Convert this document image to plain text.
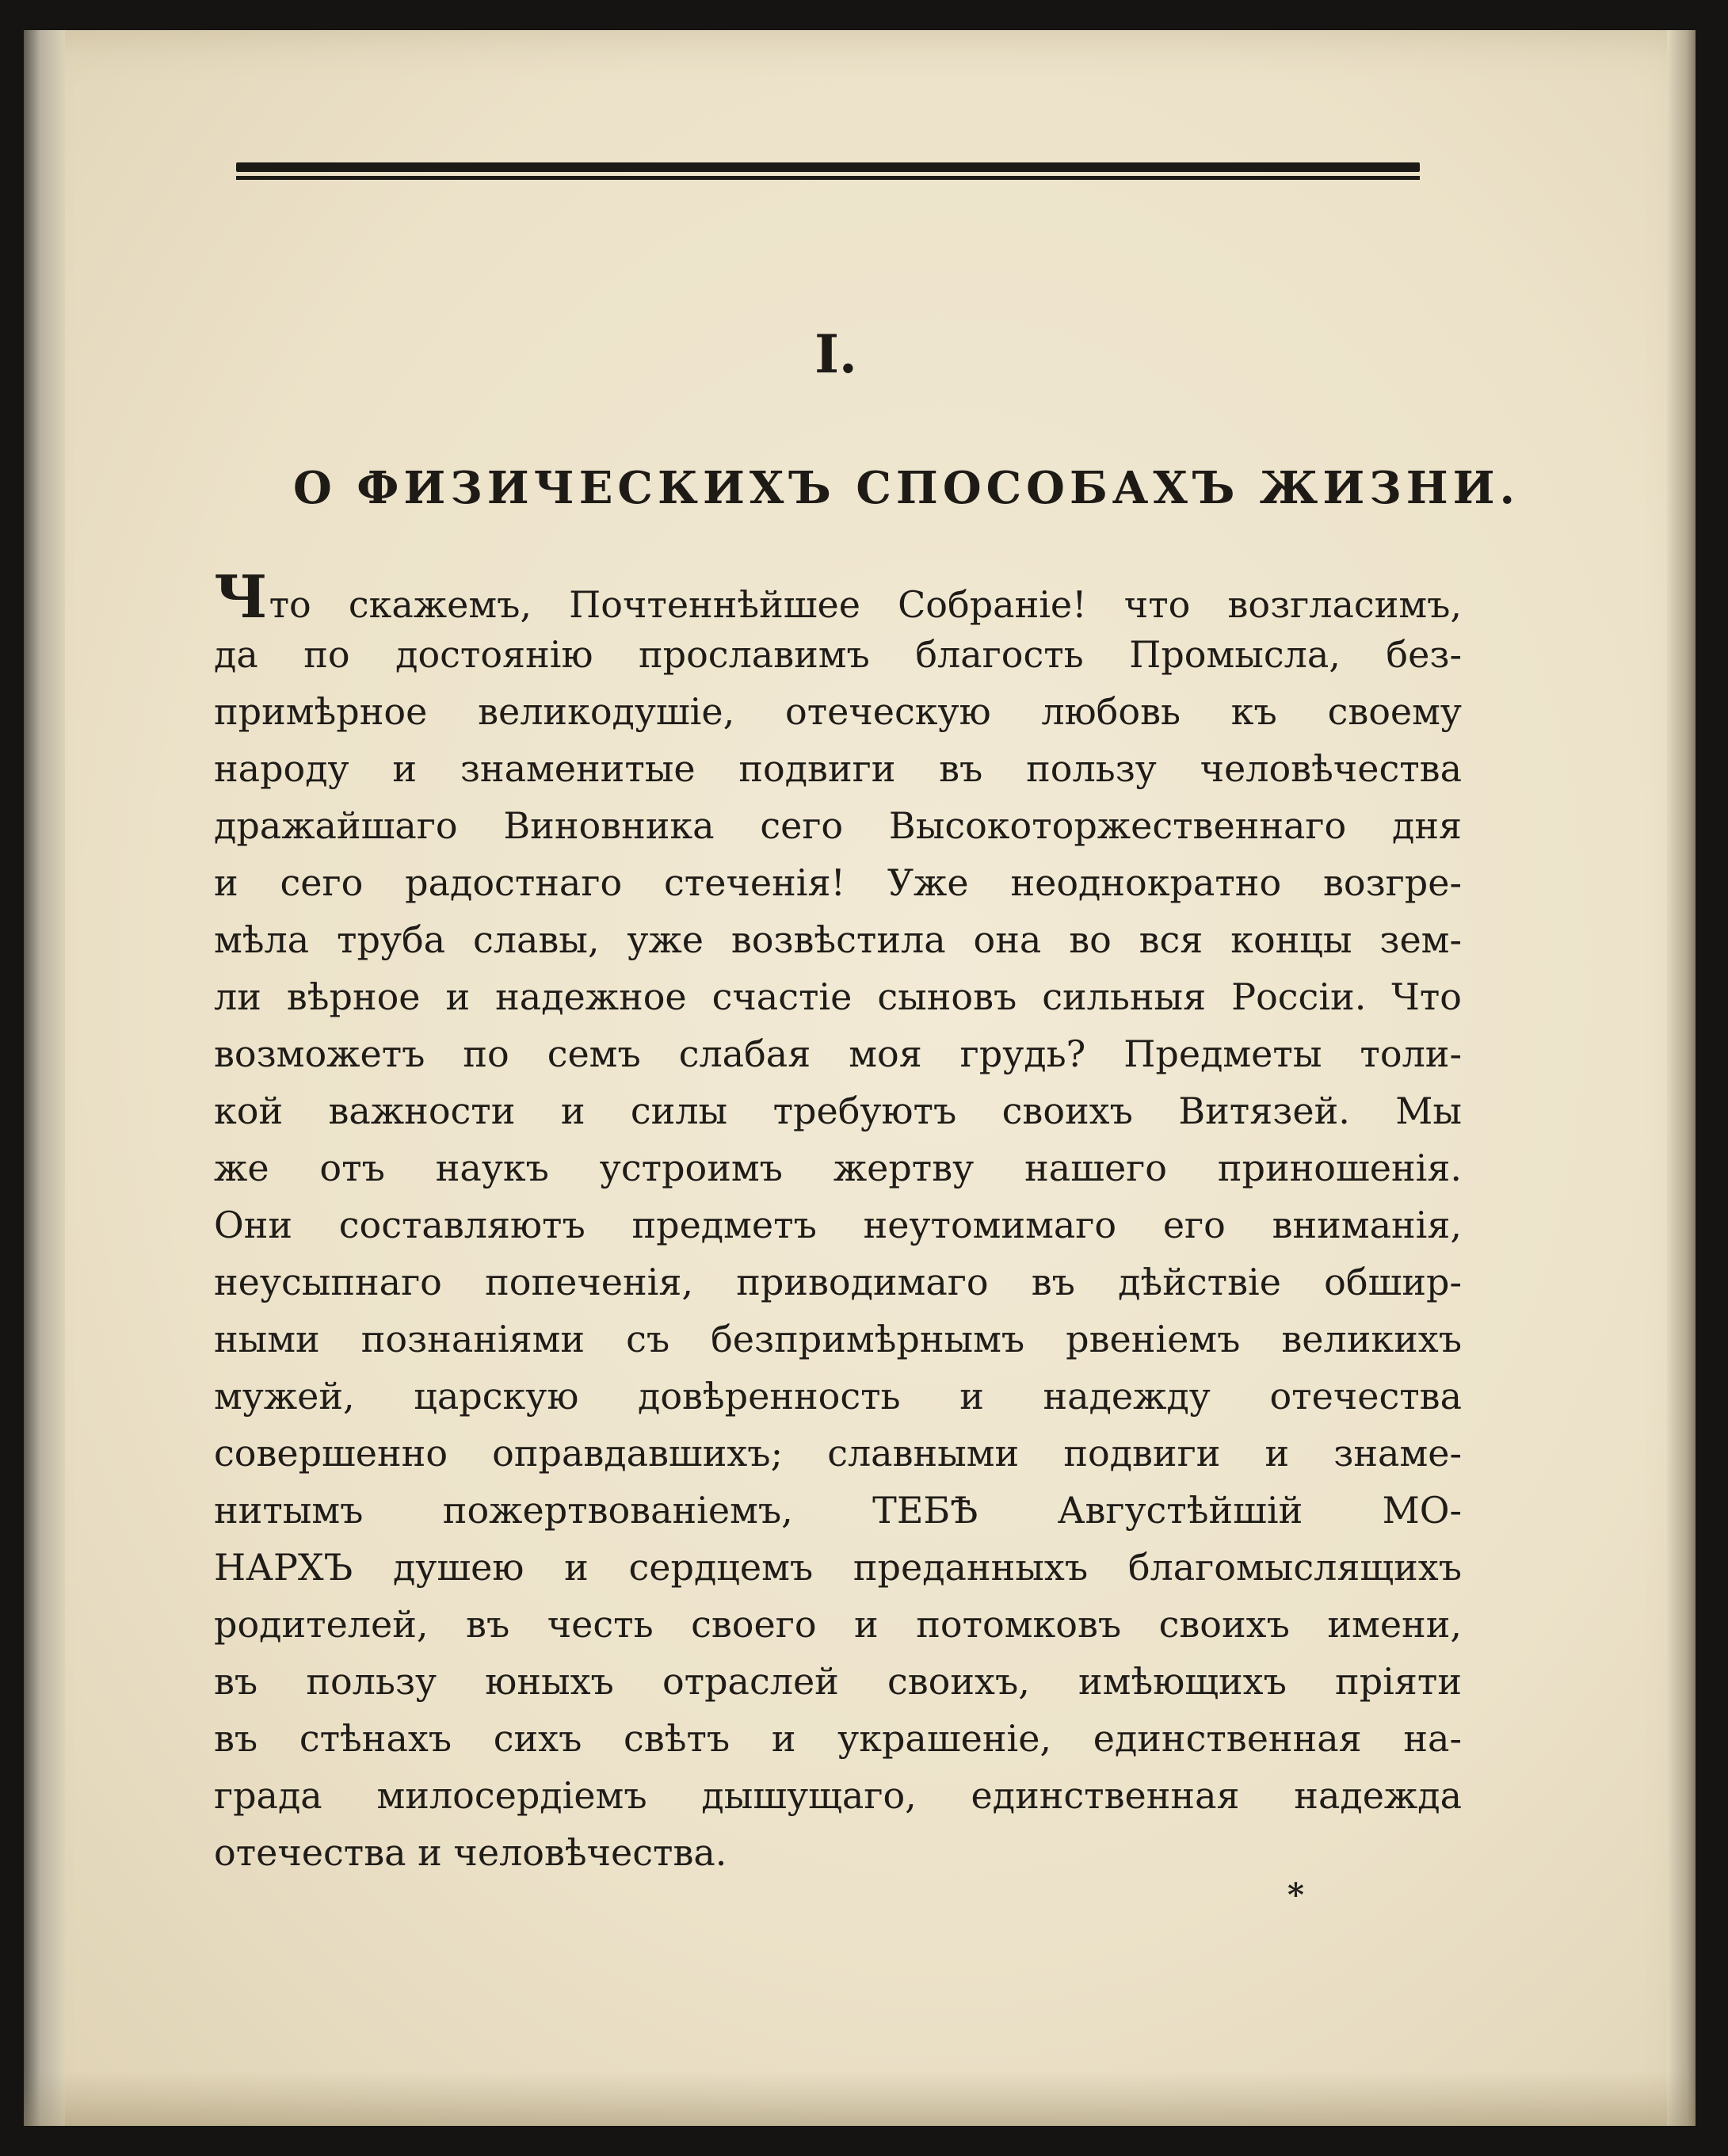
I.
О ФИЗИЧЕСКИХЪ СПОСОБАХЪ ЖИЗНИ.
Что скажемъ, Почтеннѣйшее Собраніе! что возгласимъ,
да по достоянію прославимъ благость Промысла, без-
примѣрное великодушіе, отеческую любовь къ своему
народу и знаменитые подвиги въ пользу человѣчества
дражайшаго Виновника сего Высокоторжественнаго дня
и сего радостнаго стеченія! Уже неоднократно возгре-
мѣла труба славы, уже возвѣстила она во вся концы зем-
ли вѣрное и надежное счастіе сыновъ сильныя Россіи. Что
возможетъ по семъ слабая моя грудь? Предметы толи-
кой важности и силы требуютъ своихъ Витязей. Мы
же отъ наукъ устроимъ жертву нашего приношенія.
Они составляютъ предметъ неутомимаго его вниманія,
неусыпнаго попеченія, приводимаго въ дѣйствіе обшир-
ными познаніями съ безпримѣрнымъ рвеніемъ великихъ
мужей, царскую довѣренность и надежду отечества
совершенно оправдавшихъ; славными подвиги и знаме-
нитымъ пожертвованіемъ, ТЕБѢ Августѣйшій МО-
НАРХЪ душею и сердцемъ преданныхъ благомыслящихъ
родителей, въ честь своего и потомковъ своихъ имени,
въ пользу юныхъ отраслей своихъ, имѣющихъ пріяти
въ стѣнахъ сихъ свѣтъ и украшеніе, единственная на-
града милосердіемъ дышущаго, единственная надежда
отечества и человѣчества.
*
